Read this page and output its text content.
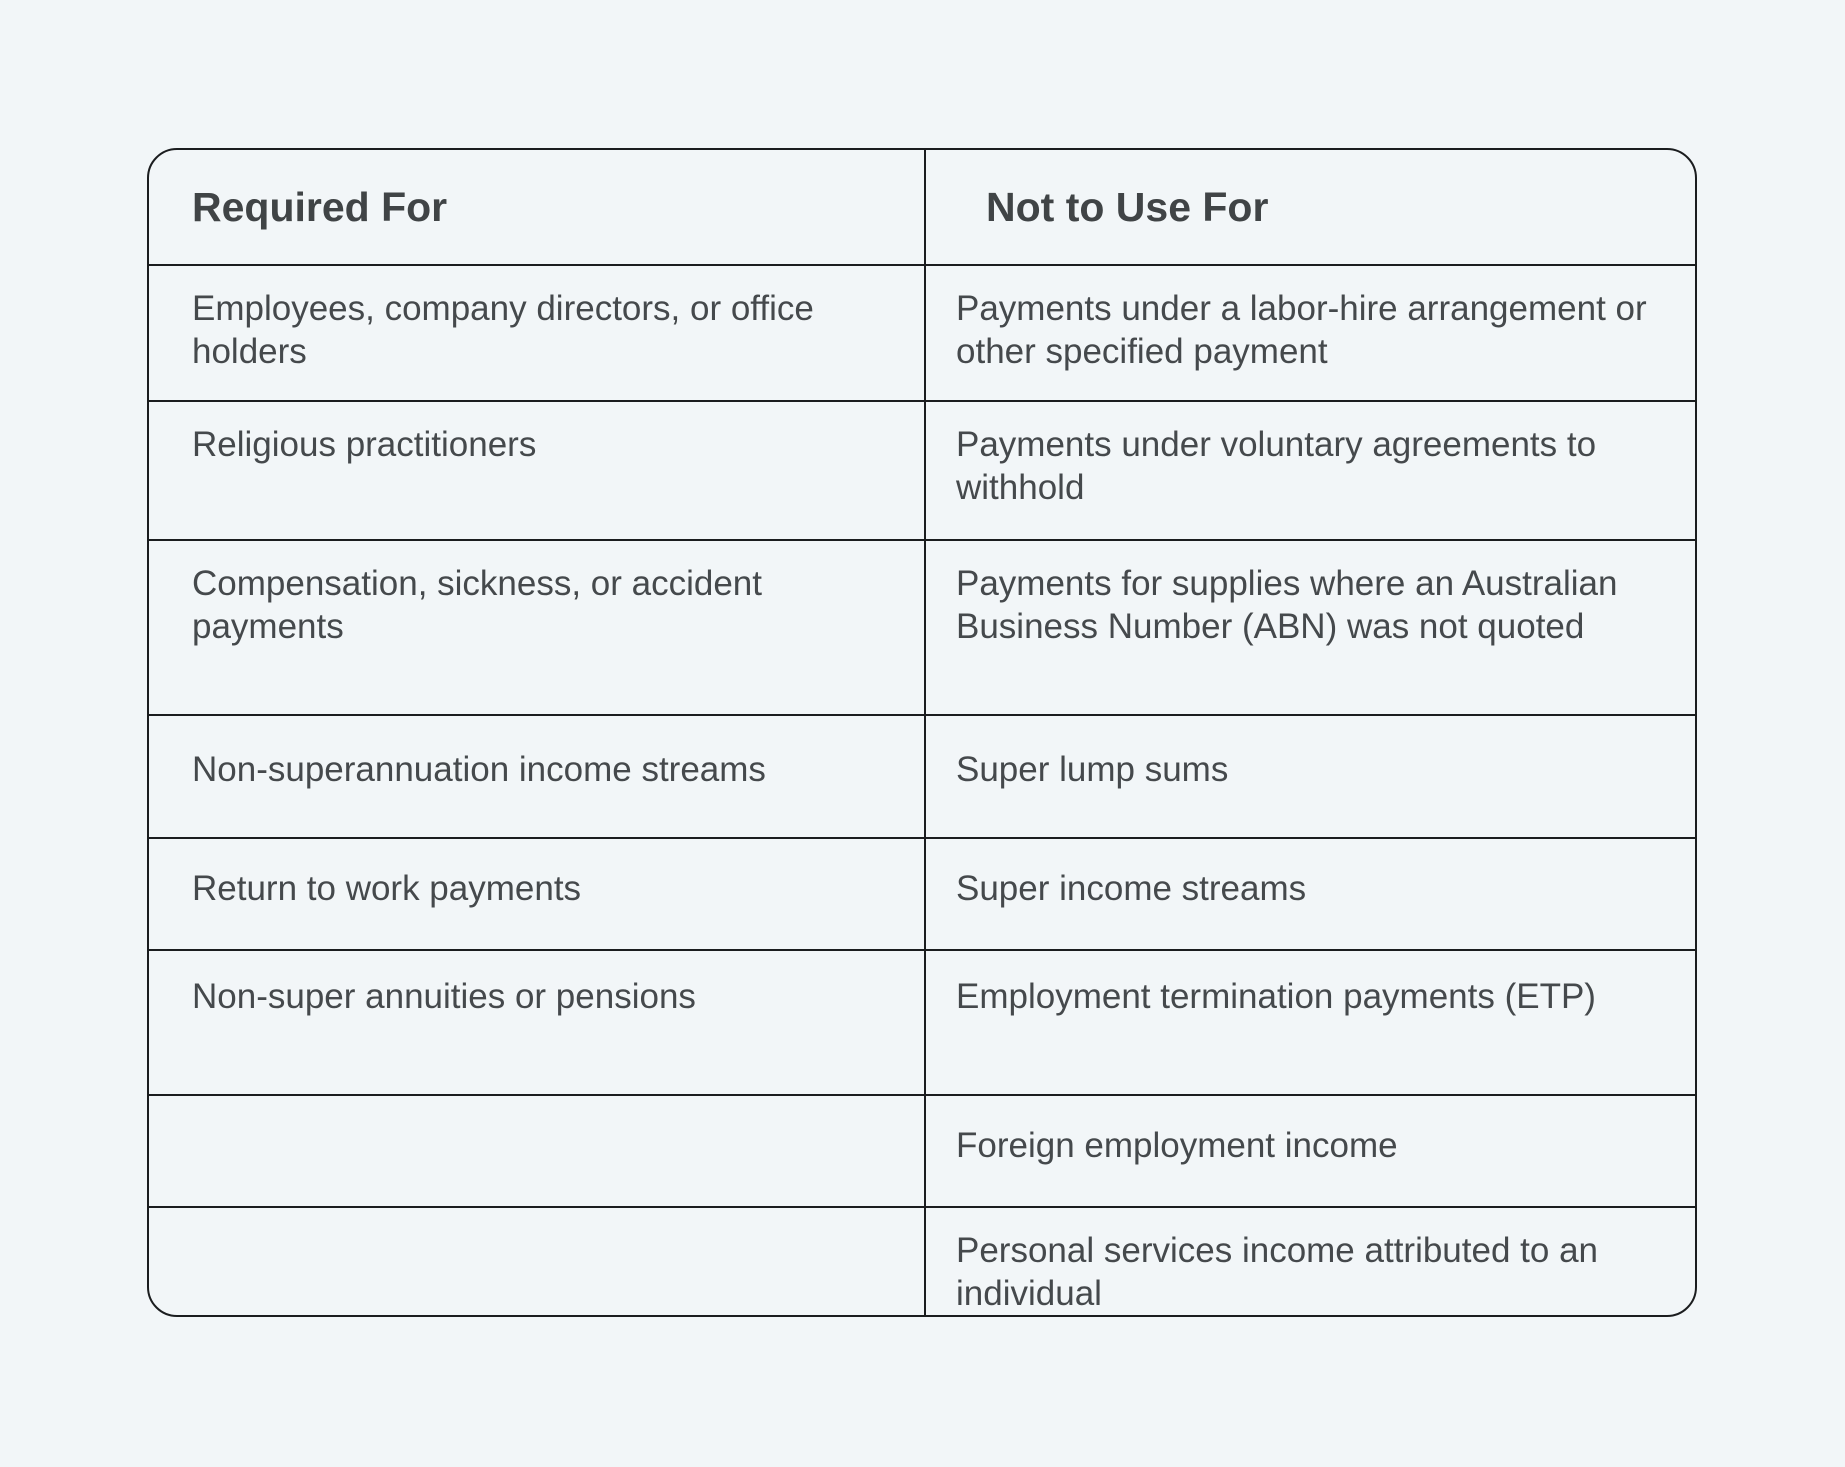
Required For	Not to Use For
Employees, company directors, or office holders	Payments under a labor-hire arrangement or other specified payment
Religious practitioners	Payments under voluntary agreements to withhold
Compensation, sickness, or accident payments	Payments for supplies where an Australian Business Number (ABN) was not quoted
Non-superannuation income streams	Super lump sums
Return to work payments	Super income streams
Non-super annuities or pensions	Employment termination payments (ETP)
	Foreign employment income
	Personal services income attributed to an individual
